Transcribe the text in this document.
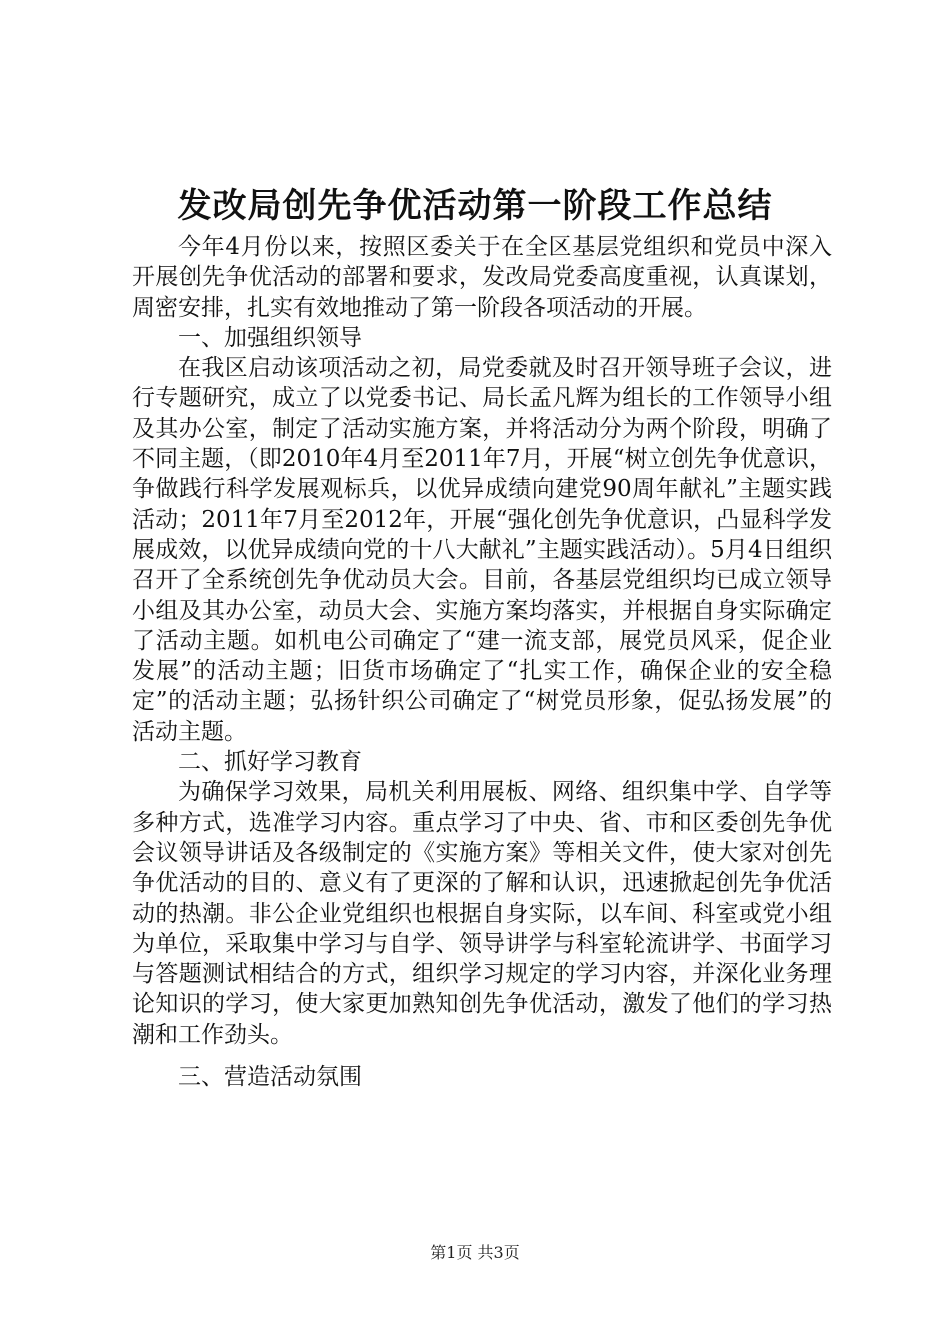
发改局创先争优活动第一阶段工作总结

今年4月份以来，按照区委关于在全区基层党组织和党员中深入开展创先争优活动的部署和要求，发改局党委高度重视，认真谋划，周密安排，扎实有效地推动了第一阶段各项活动的开展。

一、加强组织领导

在我区启动该项活动之初，局党委就及时召开领导班子会议，进行专题研究，成立了以党委书记、局长孟凡辉为组长的工作领导小组及其办公室，制定了活动实施方案，并将活动分为两个阶段，明确了不同主题，（即2010年4月至2011年7月，开展“树立创先争优意识，争做践行科学发展观标兵，以优异成绩向建党90周年献礼”主题实践活动；2011年7月至2012年，开展“强化创先争优意识，凸显科学发展成效，以优异成绩向党的十八大献礼”主题实践活动）。5月4日组织召开了全系统创先争优动员大会。目前，各基层党组织均已成立领导小组及其办公室，动员大会、实施方案均落实，并根据自身实际确定了活动主题。如机电公司确定了“建一流支部，展党员风采，促企业发展”的活动主题；旧货市场确定了“扎实工作，确保企业的安全稳定”的活动主题；弘扬针织公司确定了“树党员形象，促弘扬发展”的活动主题。

二、抓好学习教育

为确保学习效果，局机关利用展板、网络、组织集中学、自学等多种方式，选准学习内容。重点学习了中央、省、市和区委创先争优会议领导讲话及各级制定的《实施方案》等相关文件，使大家对创先争优活动的目的、意义有了更深的了解和认识，迅速掀起创先争优活动的热潮。非公企业党组织也根据自身实际，以车间、科室或党小组为单位，采取集中学习与自学、领导讲学与科室轮流讲学、书面学习与答题测试相结合的方式，组织学习规定的学习内容，并深化业务理论知识的学习，使大家更加熟知创先争优活动，激发了他们的学习热潮和工作劲头。

三、营造活动氛围

第1页 共3页
